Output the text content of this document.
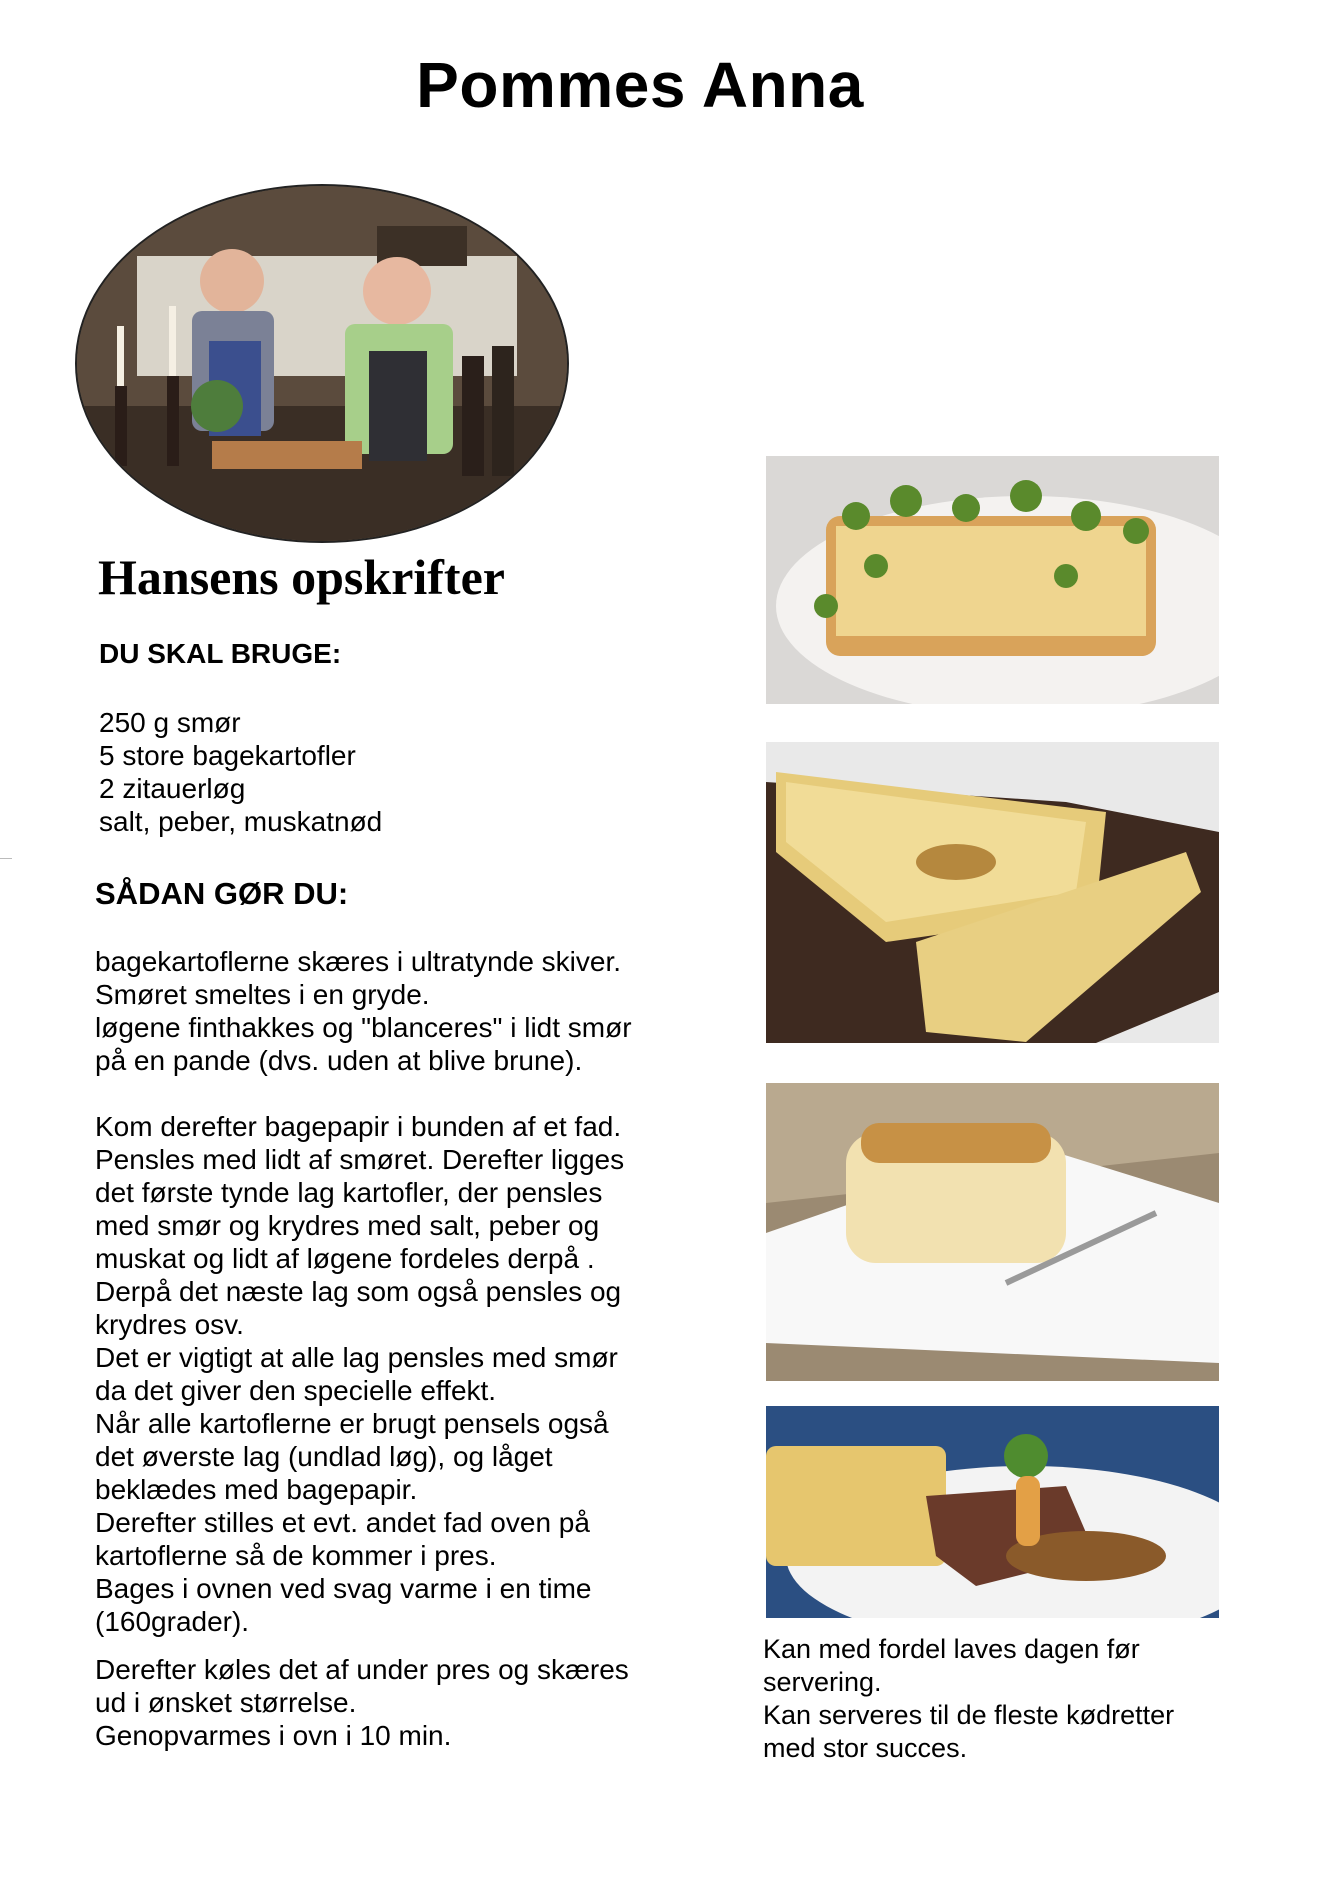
Pommes Anna
Hansens opskrifter
DU SKAL BRUGE:
250 g smør
5 store bagekartofler
2 zitauerløg
salt, peber, muskatnød
SÅDAN GØR DU:
bagekartoflerne skæres i ultratynde skiver.
Smøret smeltes i en gryde.
løgene finthakkes og "blanceres" i lidt smør
på en pande (dvs. uden at blive brune).
Kom derefter bagepapir i bunden af et fad.
Pensles med lidt af smøret. Derefter ligges
det første tynde lag kartofler, der pensles
med smør og krydres med salt, peber og
muskat og lidt af løgene fordeles derpå .
Derpå det næste lag som også pensles og
krydres osv.
Det er vigtigt at alle lag pensles med smør
da det giver den specielle effekt.
Når alle kartoflerne er brugt pensels også
det øverste lag (undlad løg), og låget
beklædes med bagepapir.
Derefter stilles et evt. andet fad oven på
kartoflerne så de kommer i pres.
Bages i ovnen ved svag varme i en time
(160grader).
Derefter køles det af under pres og skæres
ud i ønsket størrelse.
Genopvarmes i ovn i 10 min.
Kan med fordel laves dagen før
servering.
Kan serveres til de fleste kødretter
med stor succes.
